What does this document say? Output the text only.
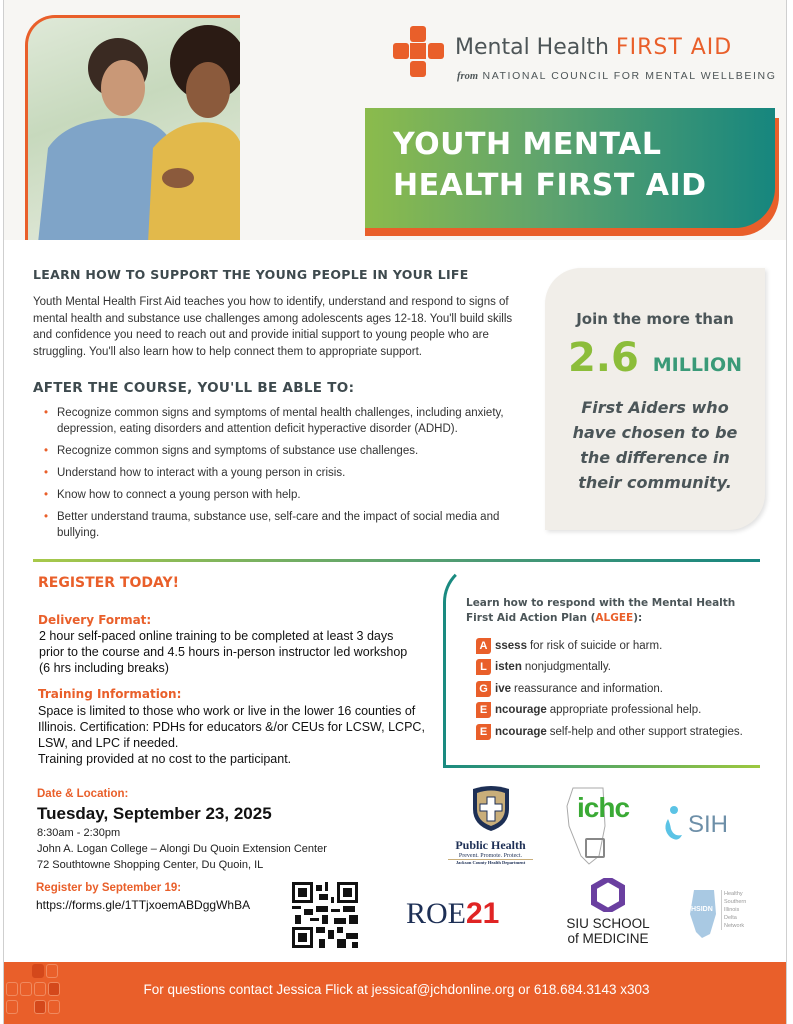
YOUTH MENTAL
HEALTH FIRST AID
Mental Health FIRST AID
from NATIONAL COUNCIL FOR MENTAL WELLBEING
LEARN HOW TO SUPPORT THE YOUNG PEOPLE IN YOUR LIFE

Youth Mental Health First Aid teaches you how to identify, understand and respond to signs of mental health and substance use challenges among adolescents ages 12-18. You'll build skills and confidence you need to reach out and provide initial support to young people who are struggling. You'll also learn how to help connect them to appropriate support.

AFTER THE COURSE, YOU'LL BE ABLE TO:
• Recognize common signs and symptoms of mental health challenges, including anxiety, depression, eating disorders and attention deficit hyperactive disorder (ADHD).
• Recognize common signs and symptoms of substance use challenges.
• Understand how to interact with a young person in crisis.
• Know how to connect a young person with help.
• Better understand trauma, substance use, self-care and the impact of social media and bullying.
Join the more than
2.6 MILLION
First Aiders who have chosen to be the difference in their community.
Learn how to respond with the Mental Health First Aid Action Plan (ALGEE):
A ssess for risk of suicide or harm.
L isten nonjudgmentally.
G ive reassurance and information.
E ncourage appropriate professional help.
E ncourage self-help and other support strategies.
REGISTER TODAY!
Delivery Format:
2 hour self-paced online training to be completed at least 3 days
prior to the course and 4.5 hours in-person instructor led workshop
(6 hrs including breaks)
Training Information:
Space is limited to those who work or live in the lower 16 counties of
Illinois. Certification: PDHs for educators &/or CEUs for LCSW, LCPC,
LSW, and LPC if needed.
Training provided at no cost to the participant.
Date & Location:
Tuesday, September 23, 2025
8:30am - 2:30pm
John A. Logan College – Alongi Du Quoin Extension Center
72 Southtowne Shopping Center, Du Quoin, IL
Register by September 19:
https://forms.gle/1TTjxoemABDggWhBA
Public Health
Prevent. Promote. Protect.
Jackson County Health Department
ichc
SIH
ROE21	SIU SCHOOL
of MEDICINE
HSIDN
Healthy Southern Illinois Delta Network
For questions contact Jessica Flick at jessicaf@jchdonline.org or 618.684.3143 x303
